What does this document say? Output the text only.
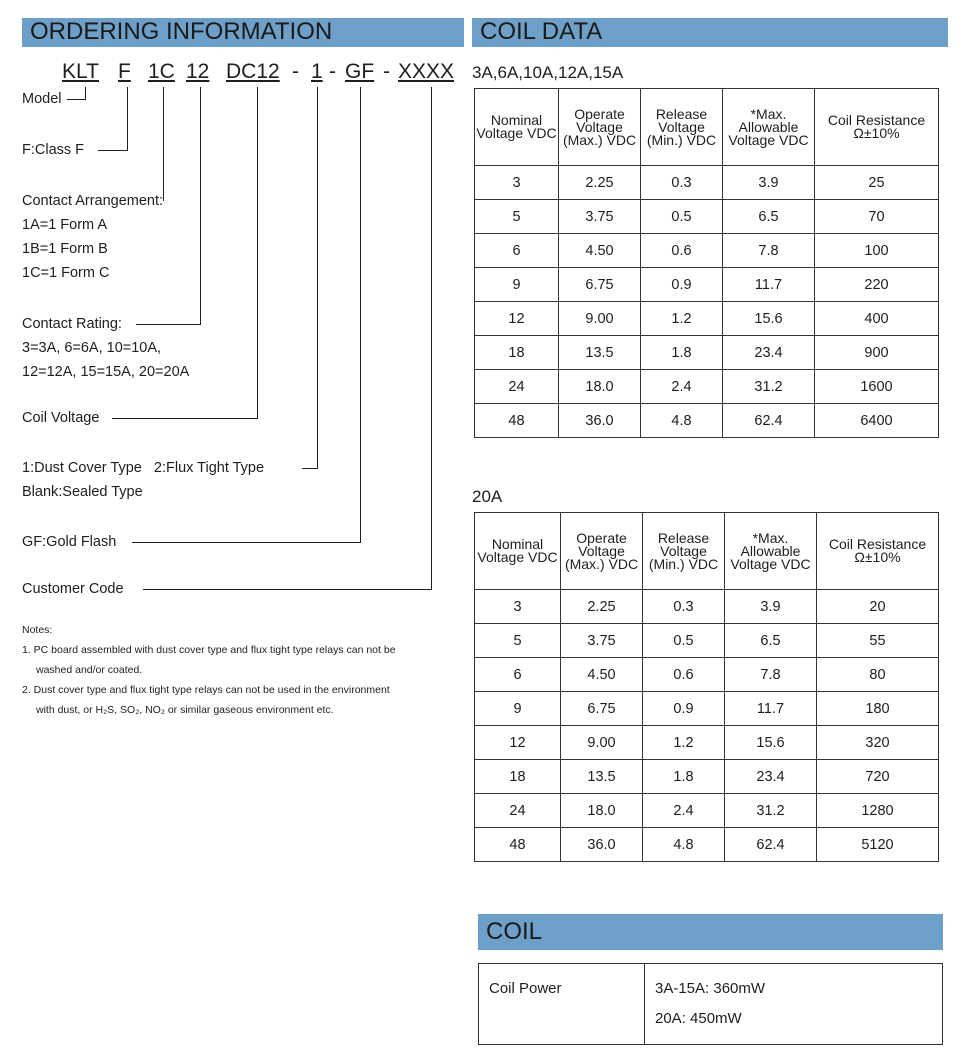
ORDERING INFORMATION	COIL DATA
KLT F 1C 12 DC12 - 1 - GF - XXXX
Model
F:Class F
Contact Arrangement:
1A=1 Form A
1B=1 Form B
1C=1 Form C
Contact Rating:
3=3A, 6=6A, 10=10A,
12=12A, 15=15A, 20=20A
Coil Voltage
1:Dust Cover Type   2:Flux Tight Type
Blank:Sealed Type
GF:Gold Flash
Customer Code
Notes:
1. PC board assembled with dust cover type and flux tight type relays can not be
washed and/or coated.
2. Dust cover type and flux tight type relays can not be used in the environment
with dust, or H₂S, SO₂, NO₂ or similar gaseous environment etc.
3A,6A,10A,12A,15A
Nominal Voltage VDC	Operate Voltage (Max.) VDC	Release Voltage (Min.) VDC	*Max. Allowable Voltage VDC	Coil Resistance Ω±10%
3	2.25	0.3	3.9	25
5	3.75	0.5	6.5	70
6	4.50	0.6	7.8	100
9	6.75	0.9	11.7	220
12	9.00	1.2	15.6	400
18	13.5	1.8	23.4	900
24	18.0	2.4	31.2	1600
48	36.0	4.8	62.4	6400
20A
Nominal Voltage VDC	Operate Voltage (Max.) VDC	Release Voltage (Min.) VDC	*Max. Allowable Voltage VDC	Coil Resistance Ω±10%
3	2.25	0.3	3.9	20
5	3.75	0.5	6.5	55
6	4.50	0.6	7.8	80
9	6.75	0.9	11.7	180
12	9.00	1.2	15.6	320
18	13.5	1.8	23.4	720
24	18.0	2.4	31.2	1280
48	36.0	4.8	62.4	5120
COIL
Coil Power	3A-15A: 360mW
20A: 450mW
